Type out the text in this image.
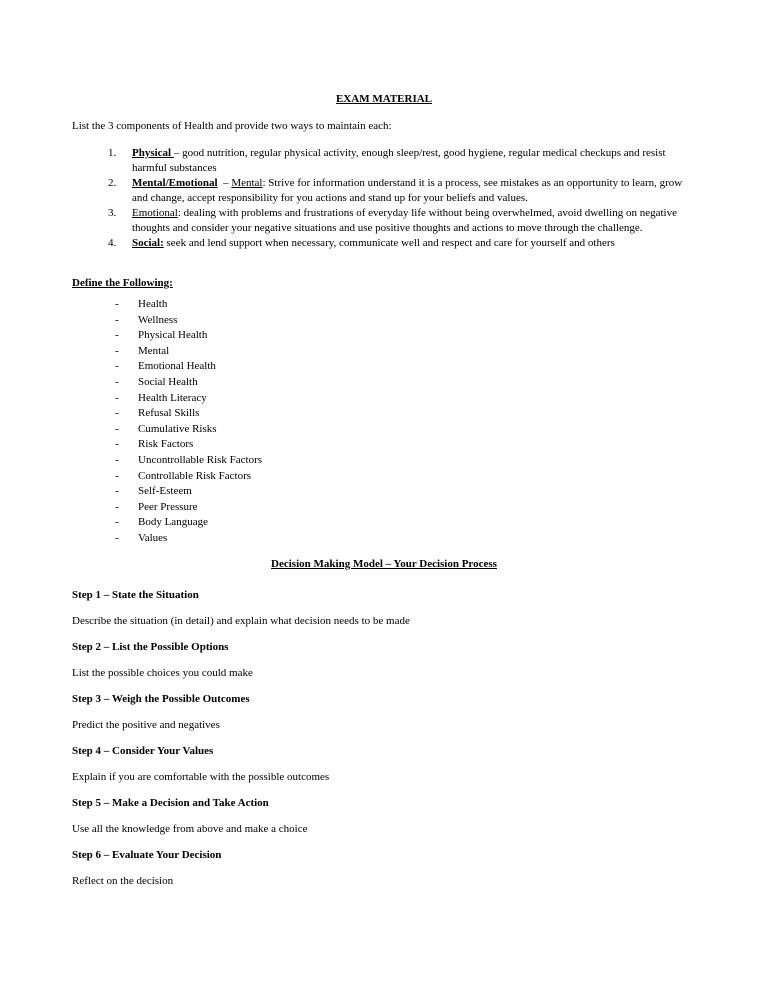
EXAM MATERIAL
List the 3 components of Health and provide two ways to maintain each:
1. Physical – good nutrition, regular physical activity, enough sleep/rest, good hygiene, regular medical checkups and resist harmful substances
2. Mental/Emotional  – Mental: Strive for information understand it is a process, see mistakes as an opportunity to learn, grow and change, accept responsibility for you actions and stand up for your beliefs and values.
3. Emotional: dealing with problems and frustrations of everyday life without being overwhelmed, avoid dwelling on negative thoughts and consider your negative situations and use positive thoughts and actions to move through the challenge.
4. Social: seek and lend support when necessary, communicate well and respect and care for yourself and others
Define the Following:
- Health
- Wellness
- Physical Health
- Mental
- Emotional Health
- Social Health
- Health Literacy
- Refusal Skills
- Cumulative Risks
- Risk Factors
- Uncontrollable Risk Factors
- Controllable Risk Factors
- Self-Esteem
- Peer Pressure
- Body Language
- Values
Decision Making Model – Your Decision Process
Step 1 – State the Situation
Describe the situation (in detail) and explain what decision needs to be made
Step 2 – List the Possible Options
List the possible choices you could make
Step 3 – Weigh the Possible Outcomes
Predict the positive and negatives
Step 4 – Consider Your Values
Explain if you are comfortable with the possible outcomes
Step 5 – Make a Decision and Take Action
Use all the knowledge from above and make a choice
Step 6 – Evaluate Your Decision
Reflect on the decision
